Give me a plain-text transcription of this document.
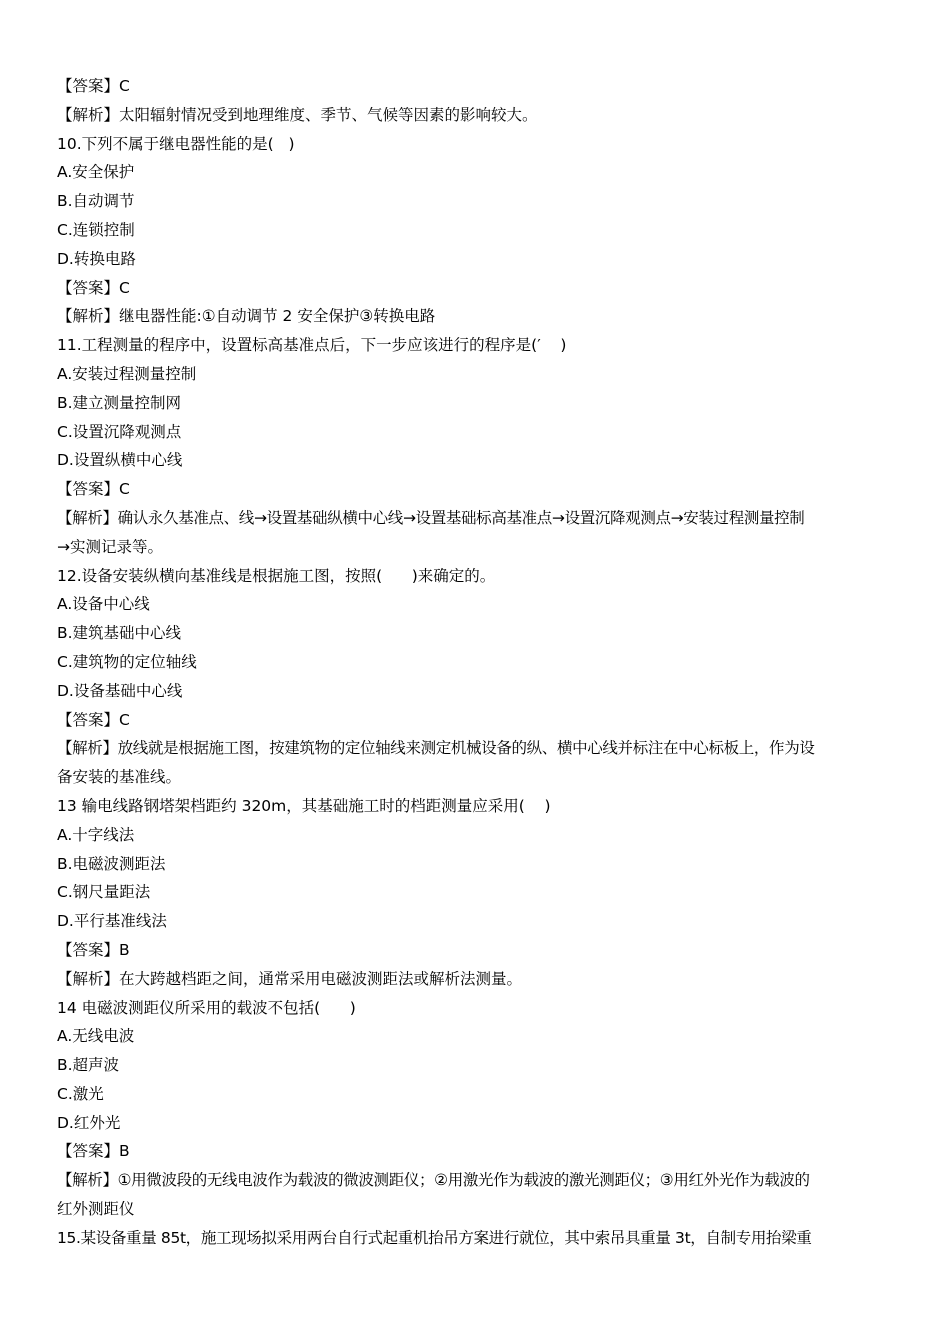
【答案】C
【解析】太阳辐射情况受到地理维度、季节、气候等因素的影响较大。
10.下列不属于继电器性能的是(   )
A.安全保护
B.自动调节
C.连锁控制
D.转换电路
【答案】C
【解析】继电器性能:①自动调节 2 安全保护③转换电路
11.工程测量的程序中，设置标高基准点后，下一步应该进行的程序是(′    )
A.安装过程测量控制
B.建立测量控制网
C.设置沉降观测点
D.设置纵横中心线
【答案】C
【解析】确认永久基准点、线→设置基础纵横中心线→设置基础标高基准点→设置沉降观测点→安装过程测量控制
→实测记录等。
12.设备安装纵横向基准线是根据施工图，按照(      )来确定的。
A.设备中心线
B.建筑基础中心线
C.建筑物的定位轴线
D.设备基础中心线
【答案】C
【解析】放线就是根据施工图，按建筑物的定位轴线来测定机械设备的纵、横中心线并标注在中心标板上，作为设
备安装的基准线。
13 输电线路钢塔架档距约 320m，其基础施工时的档距测量应采用(    )
A.十字线法
B.电磁波测距法
C.钢尺量距法
D.平行基准线法
【答案】B
【解析】在大跨越档距之间，通常采用电磁波测距法或解析法测量。
14 电磁波测距仪所采用的载波不包括(      )
A.无线电波
B.超声波
C.激光
D.红外光
【答案】B
【解析】①用微波段的无线电波作为载波的微波测距仪；②用激光作为载波的激光测距仪；③用红外光作为载波的
红外测距仪
15.某设备重量 85t，施工现场拟采用两台自行式起重机抬吊方案进行就位，其中索吊具重量 3t，自制专用抬梁重
